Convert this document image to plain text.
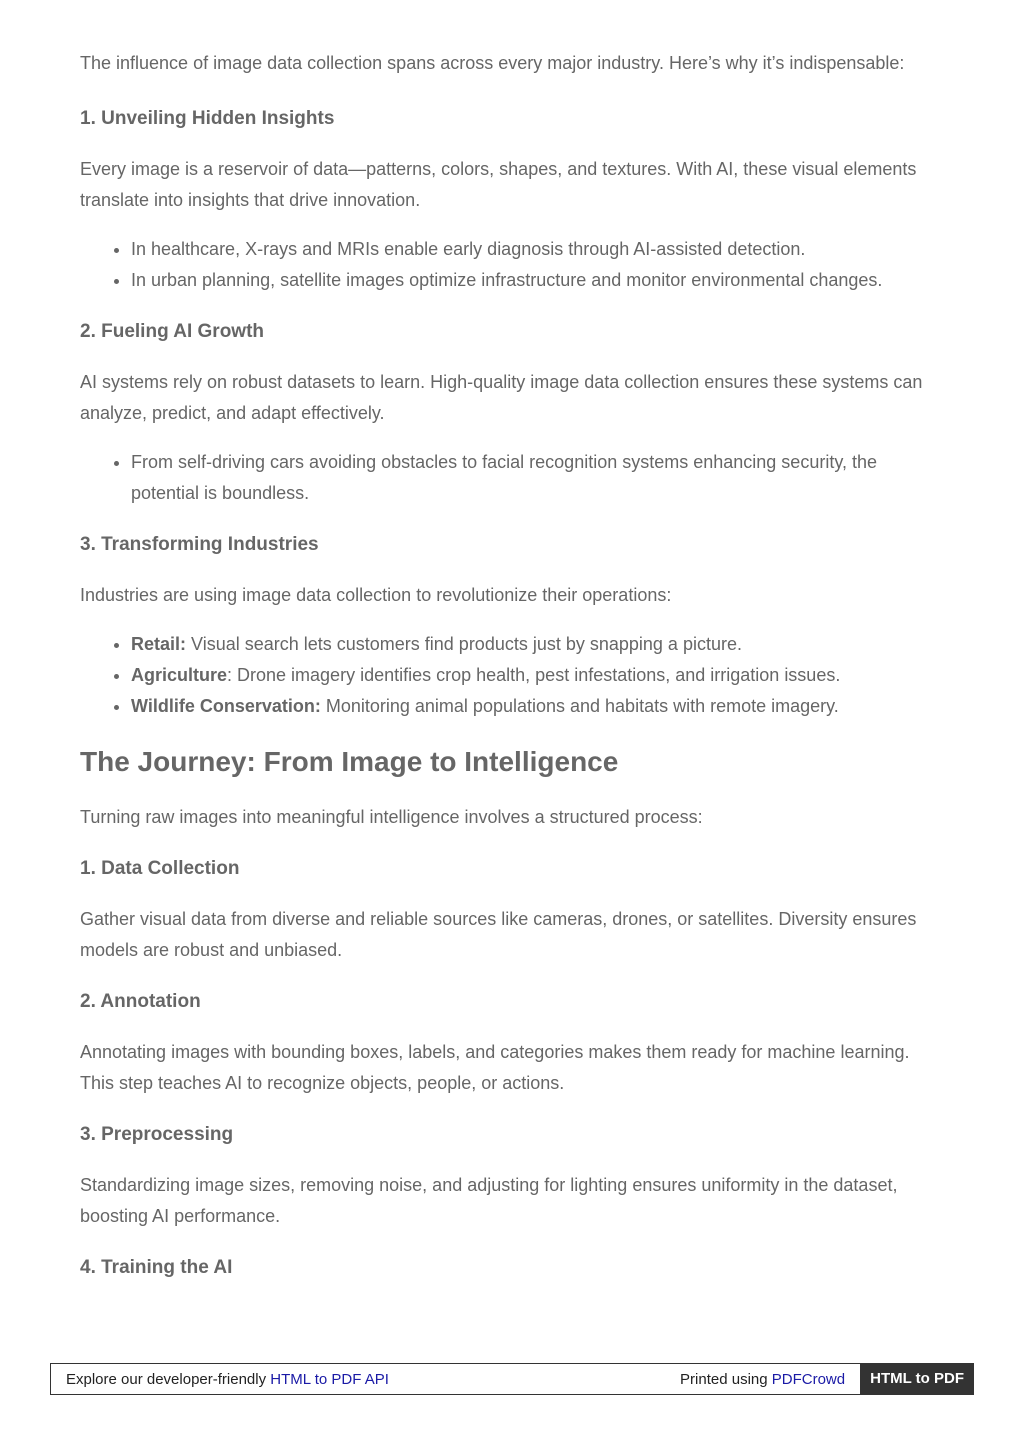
The influence of image data collection spans across every major industry. Here’s why it’s indispensable:

1. Unveiling Hidden Insights

Every image is a reservoir of data—patterns, colors, shapes, and textures. With AI, these visual elements translate into insights that drive innovation.

• In healthcare, X-rays and MRIs enable early diagnosis through AI-assisted detection.
• In urban planning, satellite images optimize infrastructure and monitor environmental changes.
2. Fueling AI Growth

AI systems rely on robust datasets to learn. High-quality image data collection ensures these systems can analyze, predict, and adapt effectively.

• From self-driving cars avoiding obstacles to facial recognition systems enhancing security, the potential is boundless.
3. Transforming Industries

Industries are using image data collection to revolutionize their operations:

• Retail: Visual search lets customers find products just by snapping a picture.
• Agriculture: Drone imagery identifies crop health, pest infestations, and irrigation issues.
• Wildlife Conservation: Monitoring animal populations and habitats with remote imagery.
The Journey: From Image to Intelligence

Turning raw images into meaningful intelligence involves a structured process:

1. Data Collection

Gather visual data from diverse and reliable sources like cameras, drones, or satellites. Diversity ensures models are robust and unbiased.

2. Annotation

Annotating images with bounding boxes, labels, and categories makes them ready for machine learning. This step teaches AI to recognize objects, people, or actions.

3. Preprocessing

Standardizing image sizes, removing noise, and adjusting for lighting ensures uniformity in the dataset, boosting AI performance.

4. Training the AI
Explore our developer-friendly HTML to PDF API	Printed using PDFCrowd	HTML to PDF
